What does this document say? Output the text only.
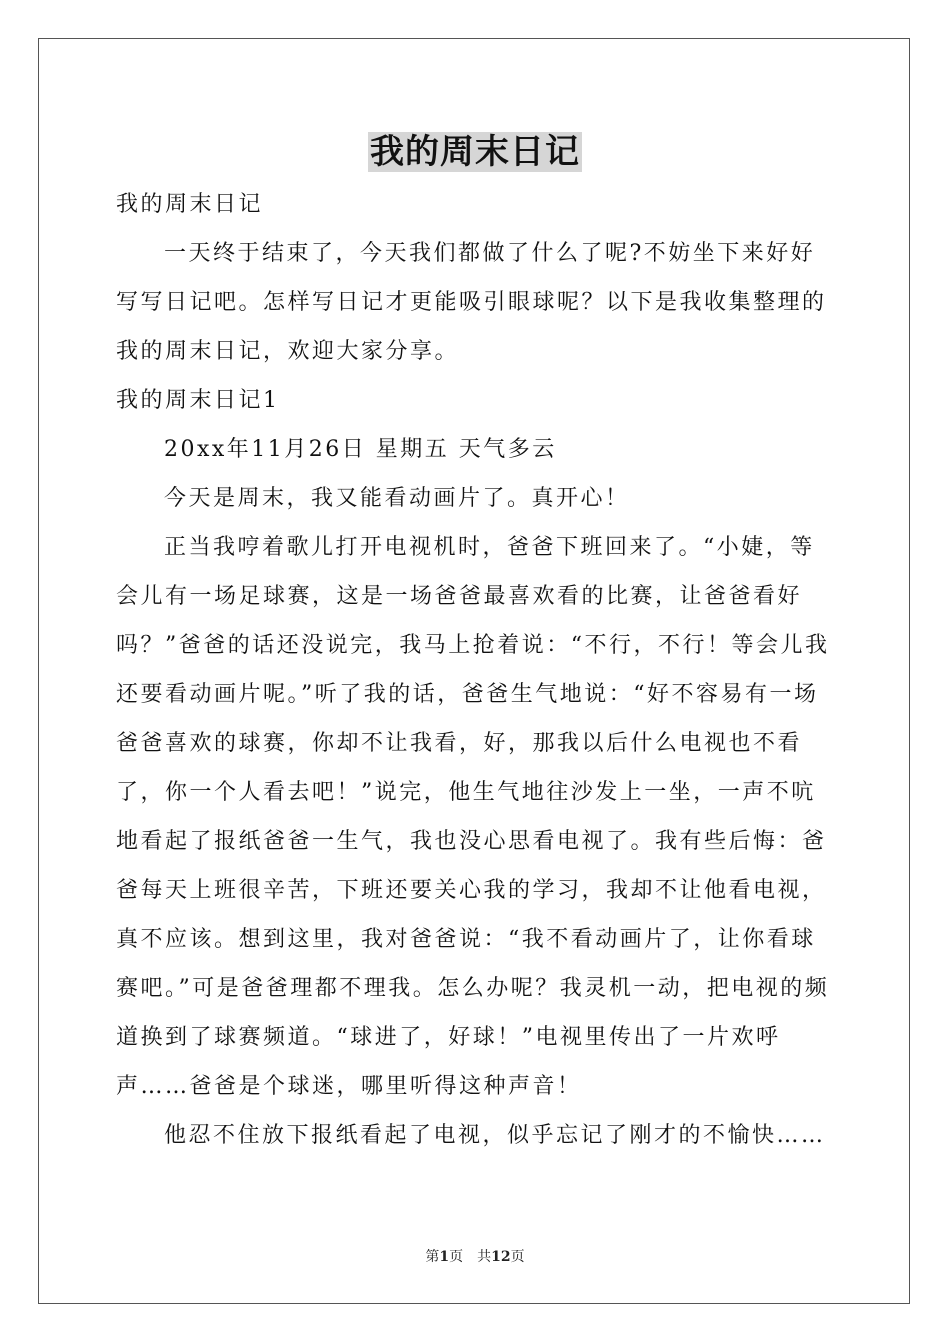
我的周末日记

我的周末日记

一天终于结束了，今天我们都做了什么了呢?不妨坐下来好好写写日记吧。怎样写日记才更能吸引眼球呢？以下是我收集整理的我的周末日记，欢迎大家分享。

我的周末日记1

20xx年11月26日 星期五 天气多云

今天是周末，我又能看动画片了。真开心！

正当我哼着歌儿打开电视机时，爸爸下班回来了。“小婕，等会儿有一场足球赛，这是一场爸爸最喜欢看的比赛，让爸爸看好吗？”爸爸的话还没说完，我马上抢着说：“不行，不行！等会儿我还要看动画片呢。”听了我的话，爸爸生气地说：“好不容易有一场爸爸喜欢的球赛，你却不让我看，好，那我以后什么电视也不看了，你一个人看去吧！”说完，他生气地往沙发上一坐，一声不吭地看起了报纸爸爸一生气，我也没心思看电视了。我有些后悔：爸爸每天上班很辛苦，下班还要关心我的学习，我却不让他看电视，真不应该。想到这里，我对爸爸说：“我不看动画片了，让你看球赛吧。”可是爸爸理都不理我。怎么办呢？我灵机一动，把电视的频道换到了球赛频道。“球进了，好球！”电视里传出了一片欢呼声……爸爸是个球迷，哪里听得这种声音！

他忍不住放下报纸看起了电视，似乎忘记了刚才的不愉快……

第1页 共12页
